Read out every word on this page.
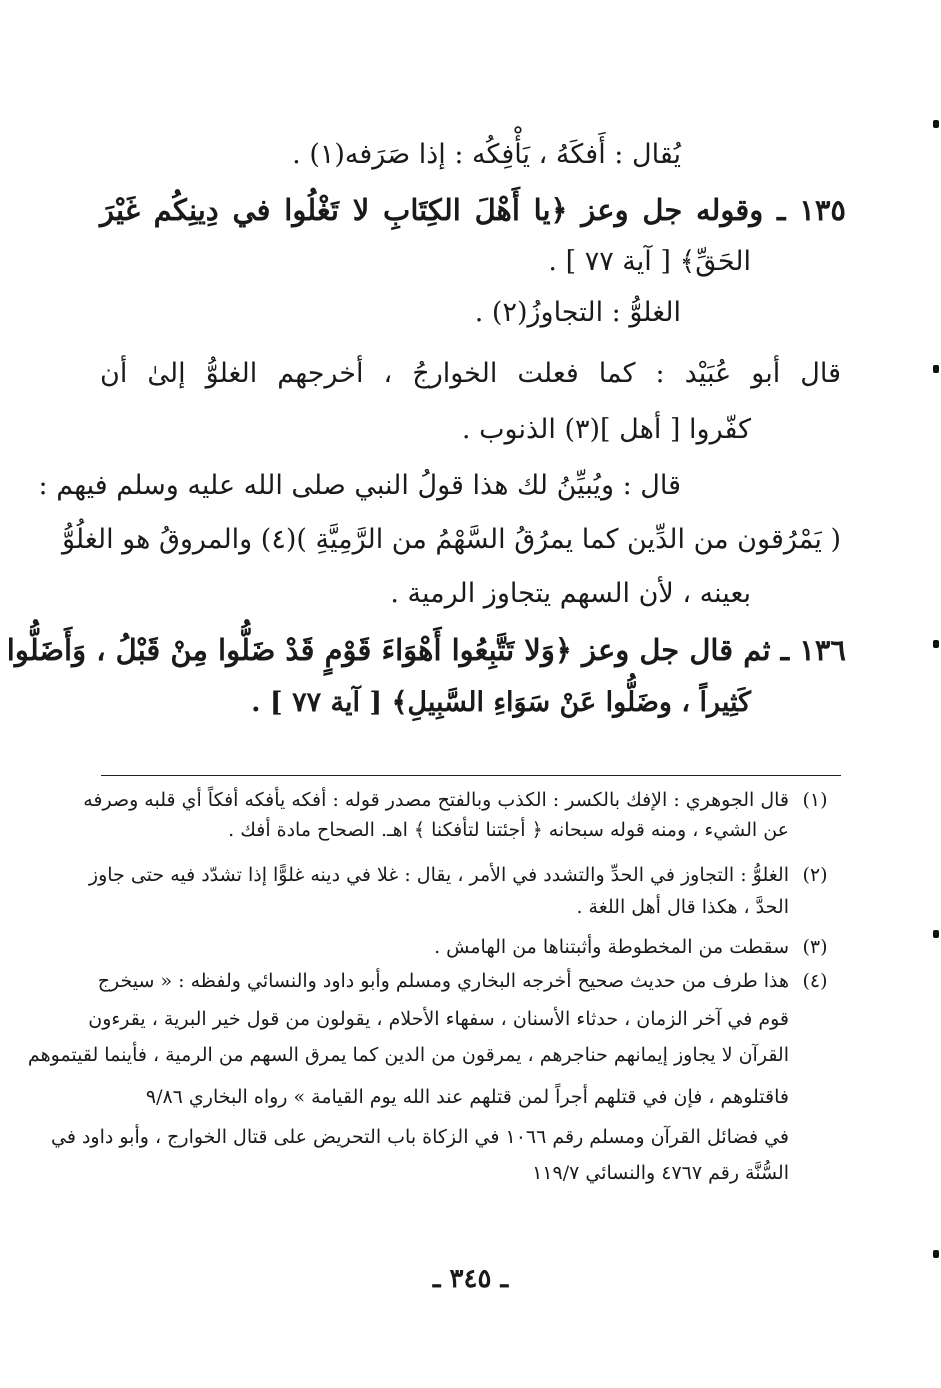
يُقال : أَفكَهُ ، يَأْفِكُه : إذا صَرَفه(١) .
١٣٥ ـ وقوله جل وعز ﴿يا أَهْلَ الكِتَابِ لا تَغْلُوا في دِينِكُم غَيْرَ
الحَقِّ﴾ [ آية ٧٧ ] .
الغلوُّ : التجاوزُ(٢) .
قال أبو عُبَيْد : كما فعلت الخوارجُ ، أخرجهم الغلوُّ إلىٰ أن
كفّروا [ أهل ](٣) الذنوب .
قال : ويُبيِّنُ لك هذا قولُ النبي صلى الله عليه وسلم فيهم :
( يَمْرُقون من الدِّين كما يمرُقُ السَّهْمُ من الرَّمِيَّةِ )(٤) والمروقُ هو الغلُوُّ
بعينه ، لأن السهم يتجاوز الرمية .
١٣٦ ـ ثم قال جل وعز ﴿وَلا تَتَّبِعُوا أَهْوَاءَ قَوْمٍ قَدْ ضَلُّوا مِنْ قَبْلُ ، وَأَضَلُّوا
كَثِيراً ، وضَلُّوا عَنْ سَوَاءِ السَّبِيلِ﴾ [ آية ٧٧ ] .
(١)قال الجوهري : الإفك بالكسر : الكذب وبالفتح مصدر قوله : أفكه يأفكه أفكاً أي قلبه وصرفه
عن الشيء ، ومنه قوله سبحانه ﴿ أجئتنا لتأفكنا ﴾ اهـ. الصحاح مادة أفك .
(٢)الغلوُّ : التجاوز في الحدِّ والتشدد في الأمر ، يقال : غلا في دينه غلوًّا إذا تشدّد فيه حتى جاوز
الحدَّ ، هكذا قال أهل اللغة .
(٣)سقطت من المخطوطة وأثبتناها من الهامش .
(٤)هذا طرف من حديث صحيح أخرجه البخاري ومسلم وأبو داود والنسائي ولفظه : « سيخرج
قوم في آخر الزمان ، حدثاء الأسنان ، سفهاء الأحلام ، يقولون من قول خير البرية ، يقرءون
القرآن لا يجاوز إيمانهم حناجرهم ، يمرقون من الدين كما يمرق السهم من الرمية ، فأينما لقيتموهم
فاقتلوهم ، فإن في قتلهم أجراً لمن قتلهم عند الله يوم القيامة » رواه البخاري ٩/٨٦
في فضائل القرآن ومسلم رقم ١٠٦٦ في الزكاة باب التحريض على قتال الخوارج ، وأبو داود في
السُّنَّة رقم ٤٧٦٧ والنسائي ١١٩/٧
ـ ٣٤٥ ـ
